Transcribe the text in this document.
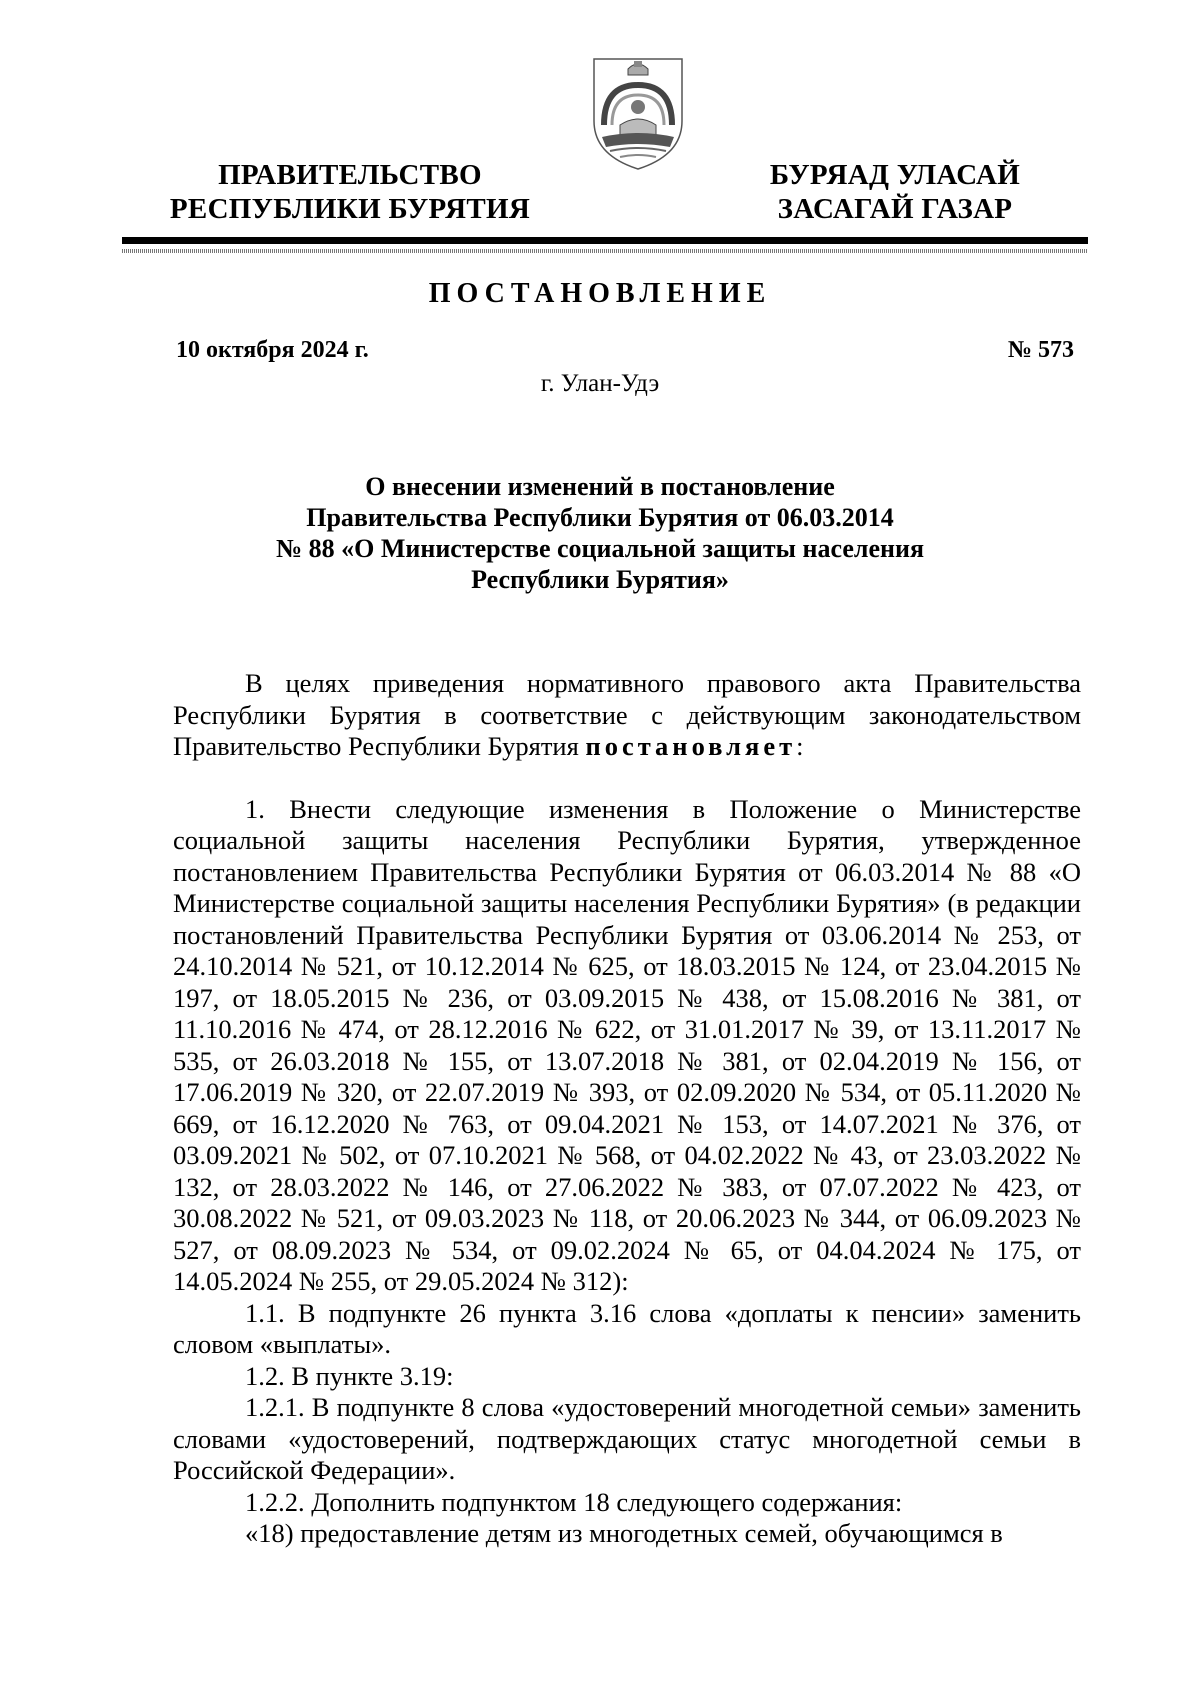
ПРАВИТЕЛЬСТВО
РЕСПУБЛИКИ БУРЯТИЯ
БУРЯАД УЛАСАЙ
ЗАСАГАЙ ГАЗАР
ПОСТАНОВЛЕНИЕ
10 октября 2024 г.	№ 573
г. Улан-Удэ
О внесении изменений в постановление
Правительства Республики Бурятия от 06.03.2014
№ 88 «О Министерстве социальной защиты населения
Республики Бурятия»

В целях приведения нормативного правового акта Правительства Республики Бурятия в соответствие с действующим законодательством Правительство Республики Бурятия постановляет:

1. Внести следующие изменения в Положение о Министерстве социальной защиты населения Республики Бурятия, утвержденное постановлением Правительства Республики Бурятия от 06.03.2014 № 88 «О Министерстве социальной защиты населения Республики Бурятия» (в редакции постановлений Правительства Республики Бурятия от 03.06.2014 № 253, от 24.10.2014 № 521, от 10.12.2014 № 625, от 18.03.2015 № 124, от 23.04.2015 № 197, от 18.05.2015 № 236, от 03.09.2015 № 438, от 15.08.2016 № 381, от 11.10.2016 № 474, от 28.12.2016 № 622, от 31.01.2017 № 39, от 13.11.2017 № 535, от 26.03.2018 № 155, от 13.07.2018 № 381, от 02.04.2019 № 156, от 17.06.2019 № 320, от 22.07.2019 № 393, от 02.09.2020 № 534, от 05.11.2020 № 669, от 16.12.2020 № 763, от 09.04.2021 № 153, от 14.07.2021 № 376, от 03.09.2021 № 502, от 07.10.2021 № 568, от 04.02.2022 № 43, от 23.03.2022 № 132, от 28.03.2022 № 146, от 27.06.2022 № 383, от 07.07.2022 № 423, от 30.08.2022 № 521, от 09.03.2023 № 118, от 20.06.2023 № 344, от 06.09.2023 № 527, от 08.09.2023 № 534, от 09.02.2024 № 65, от 04.04.2024 № 175, от 14.05.2024 № 255, от 29.05.2024 № 312):

1.1. В подпункте 26 пункта 3.16 слова «доплаты к пенсии» заменить словом «выплаты».

1.2. В пункте 3.19:

1.2.1. В подпункте 8 слова «удостоверений многодетной семьи» заменить словами «удостоверений, подтверждающих статус многодетной семьи в Российской Федерации».

1.2.2. Дополнить подпунктом 18 следующего содержания:

«18) предоставление детям из многодетных семей, обучающимся в
